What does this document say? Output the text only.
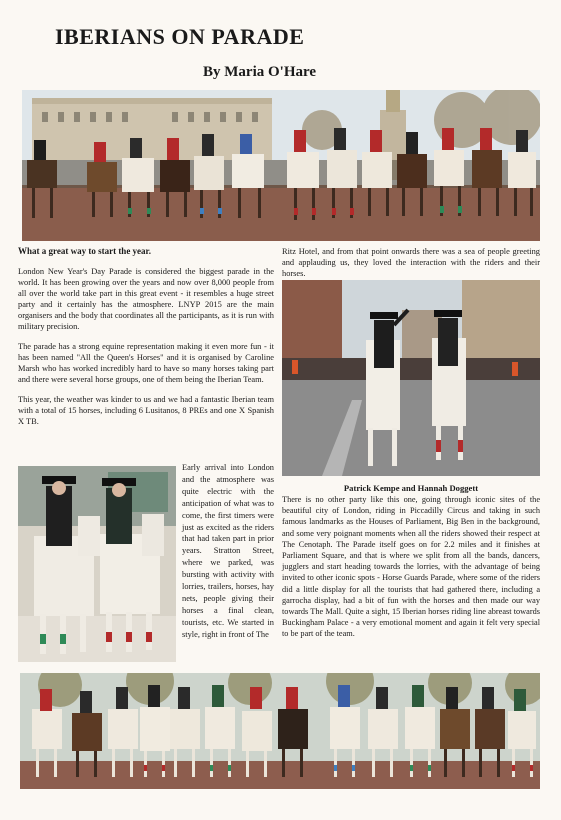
IBERIANS ON PARADE

By Maria O'Hare

What a great way to start the year.

London New Year's Day Parade is considered the biggest parade in the world. It has been growing over the years and now over 8,000 people from all over the world take part in this great event - it resembles a huge street party and it certainly has the atmosphere. LNYP 2015 are the main organisers and the body that coordinates all the participants, as it is run with military precision.

The parade has a strong equine representation making it even more fun - it has been named "All the Queen's Horses" and it is organised by Caroline Marsh who has worked incredibly hard to have so many horses taking part and there were several horse groups, one of them being the Iberian Team.

This year, the weather was kinder to us and we had a fantastic Iberian team with a total of 15 horses, including 6 Lusitanos, 8 PREs and one X Spanish X TB.

Early arrival into London and the atmosphere was quite electric with the anticipation of what was to come, the first timers were just as excited as the riders that had taken part in prior years. Stratton Street, where we parked, was bursting with activity with lorries, trailers, horses, hay nets, people giving their horses a final clean, tourists, etc. We started in style, right in front of The
Ritz Hotel, and from that point onwards there was a sea of people greeting and applauding us, they loved the interaction with the riders and their horses.
Patrick Kempe and Hannah Doggett
There is no other party like this one, going through iconic sites of the beautiful city of London, riding in Piccadilly Circus and taking in such famous landmarks as the Houses of Parliament, Big Ben in the background, and some very poignant moments when all the riders showed their respect at The Cenotaph. The Parade itself goes on for 2.2 miles and it finishes at Parliament Square, and that is where we split from all the bands, dancers, jugglers and start heading towards the lorries, with the advantage of being invited to other iconic spots - Horse Guards Parade, where some of the riders did a little display for all the tourists that had gathered there, including a garrocha display, had a bit of fun with the horses and then made our way towards The Mall. Quite a sight, 15 Iberian horses riding line abreast towards Buckingham Palace - a very emotional moment and again it felt very special to be part of the team.
